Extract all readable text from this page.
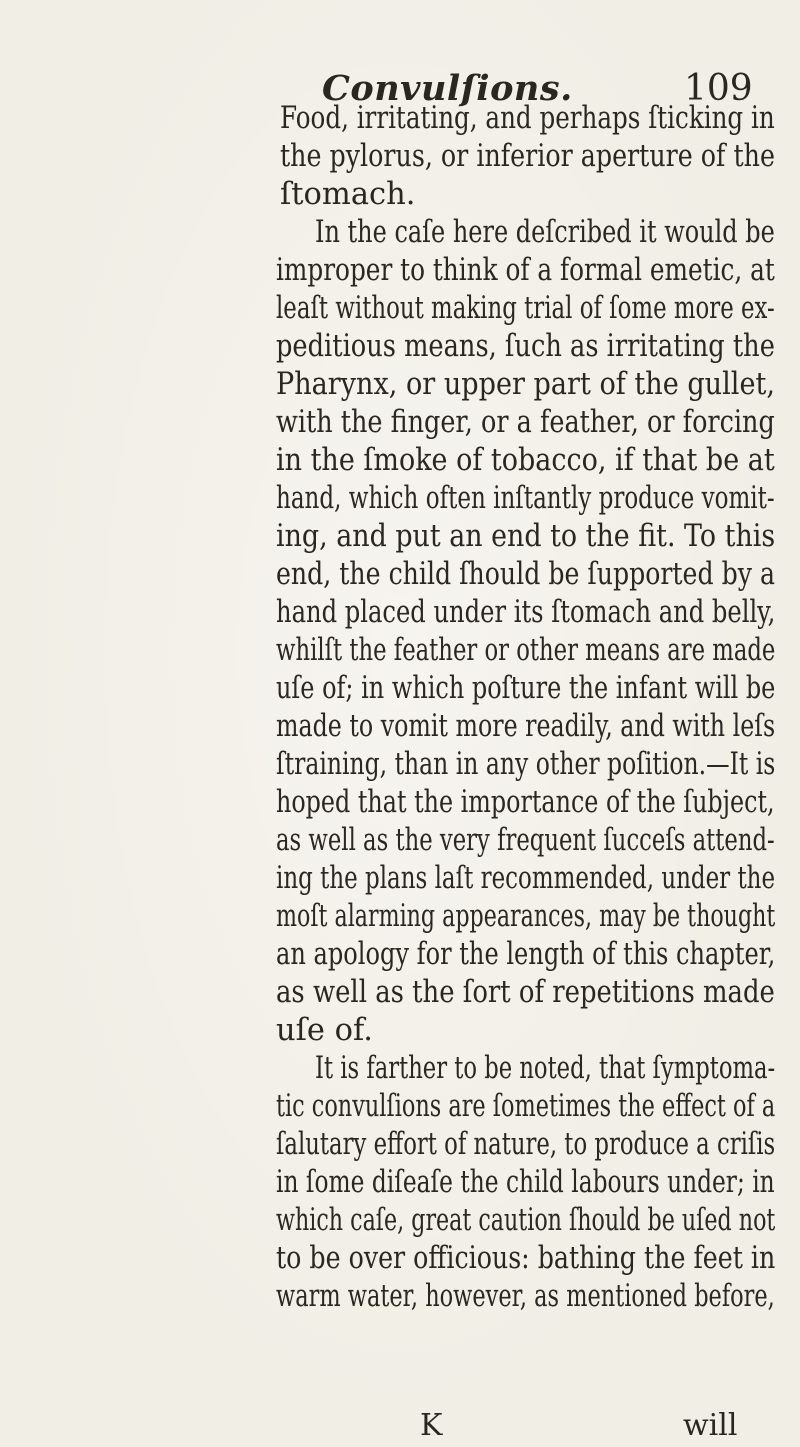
Convulſions.	109
Food, irritating, and perhaps ſticking in
the pylorus, or inferior aperture of the
ſtomach.
In the caſe here deſcribed it would be
improper to think of a formal emetic, at
leaſt without making trial of ſome more ex-
peditious means, ſuch as irritating the
Pharynx, or upper part of the gullet,
with the finger, or a feather, or forcing
in the ſmoke of tobacco, if that be at
hand, which often inſtantly produce vomit-
ing, and put an end to the fit. To this
end, the child ſhould be ſupported by a
hand placed under its ſtomach and belly,
whilſt the feather or other means are made
uſe of; in which poſture the infant will be
made to vomit more readily, and with leſs
ſtraining, than in any other poſition.—It is
hoped that the importance of the ſubject,
as well as the very frequent ſucceſs attend-
ing the plans laſt recommended, under the
moſt alarming appearances, may be thought
an apology for the length of this chapter,
as well as the ſort of repetitions made
uſe of.
It is farther to be noted, that ſymptoma-
tic convulſions are ſometimes the effect of a
ſalutary effort of nature, to produce a criſis
in ſome diſeaſe the child labours under; in
which caſe, great caution ſhould be uſed not
to be over officious: bathing the feet in
warm water, however, as mentioned before,
K	will
